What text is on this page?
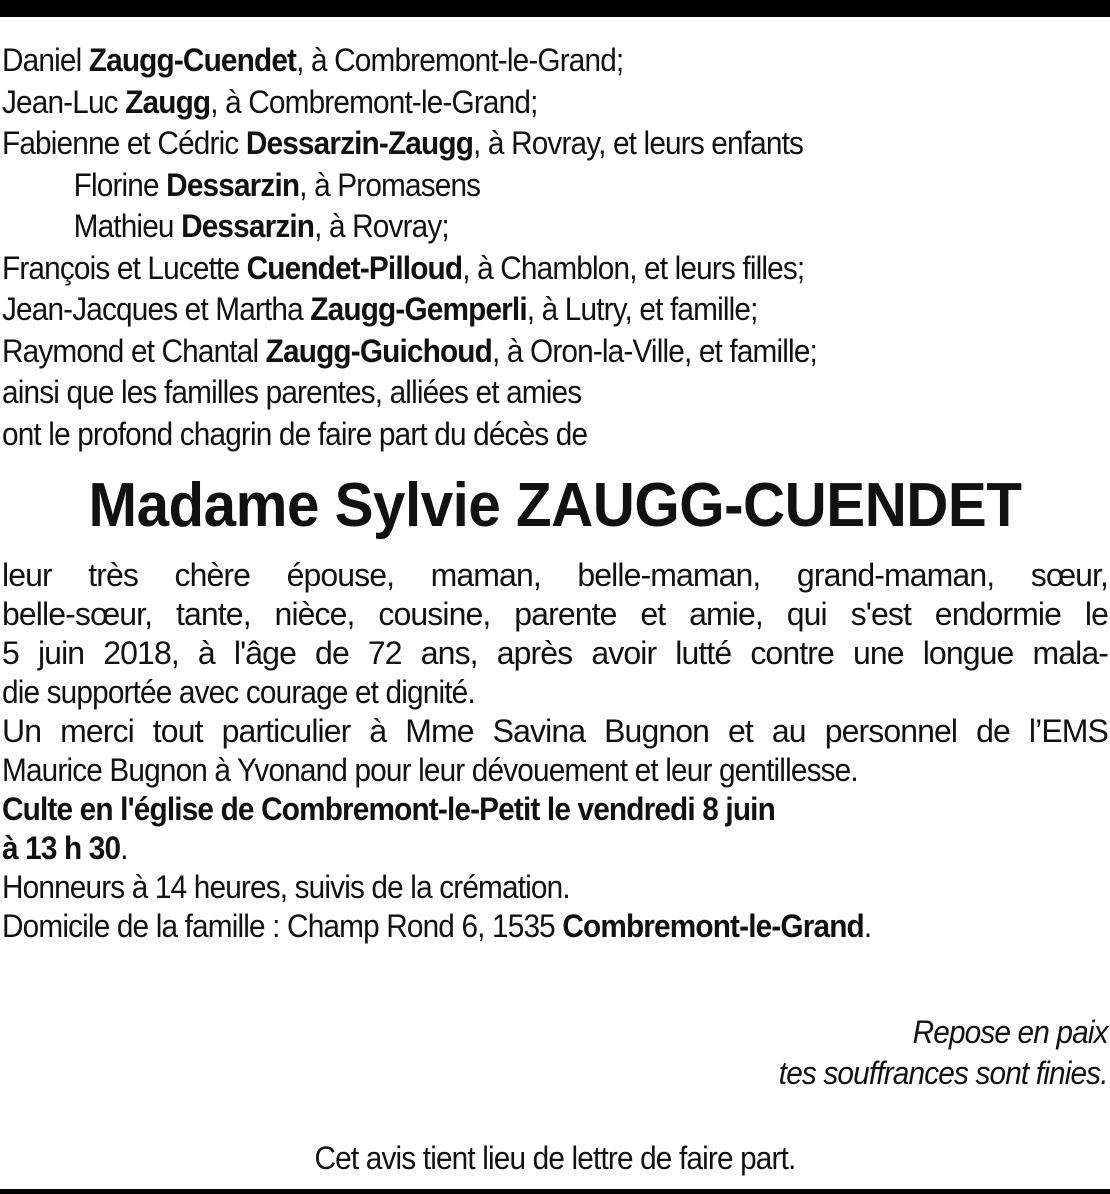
Daniel Zaugg-Cuendet, à Combremont-le-Grand;
Jean-Luc Zaugg, à Combremont-le-Grand;
Fabienne et Cédric Dessarzin-Zaugg, à Rovray, et leurs enfants
Florine Dessarzin, à Promasens
Mathieu Dessarzin, à Rovray;
François et Lucette Cuendet-Pilloud, à Chamblon, et leurs filles;
Jean-Jacques et Martha Zaugg-Gemperli, à Lutry, et famille;
Raymond et Chantal Zaugg-Guichoud, à Oron-la-Ville, et famille;
ainsi que les familles parentes, alliées et amies
ont le profond chagrin de faire part du décès de
Madame Sylvie ZAUGG-CUENDET
leur très chère épouse, maman, belle-maman, grand-maman, sœur,
belle-sœur, tante, nièce, cousine, parente et amie, qui s'est endormie le
5 juin 2018, à l'âge de 72 ans, après avoir lutté contre une longue mala-
die supportée avec courage et dignité.
Un merci tout particulier à Mme Savina Bugnon et au personnel de l’EMS
Maurice Bugnon à Yvonand pour leur dévouement et leur gentillesse.
Culte en l'église de Combremont-le-Petit le vendredi 8 juin
à 13 h 30.
Honneurs à 14 heures, suivis de la crémation.
Domicile de la famille : Champ Rond 6, 1535 Combremont-le-Grand.
Repose en paix
tes souffrances sont finies.
Cet avis tient lieu de lettre de faire part.
